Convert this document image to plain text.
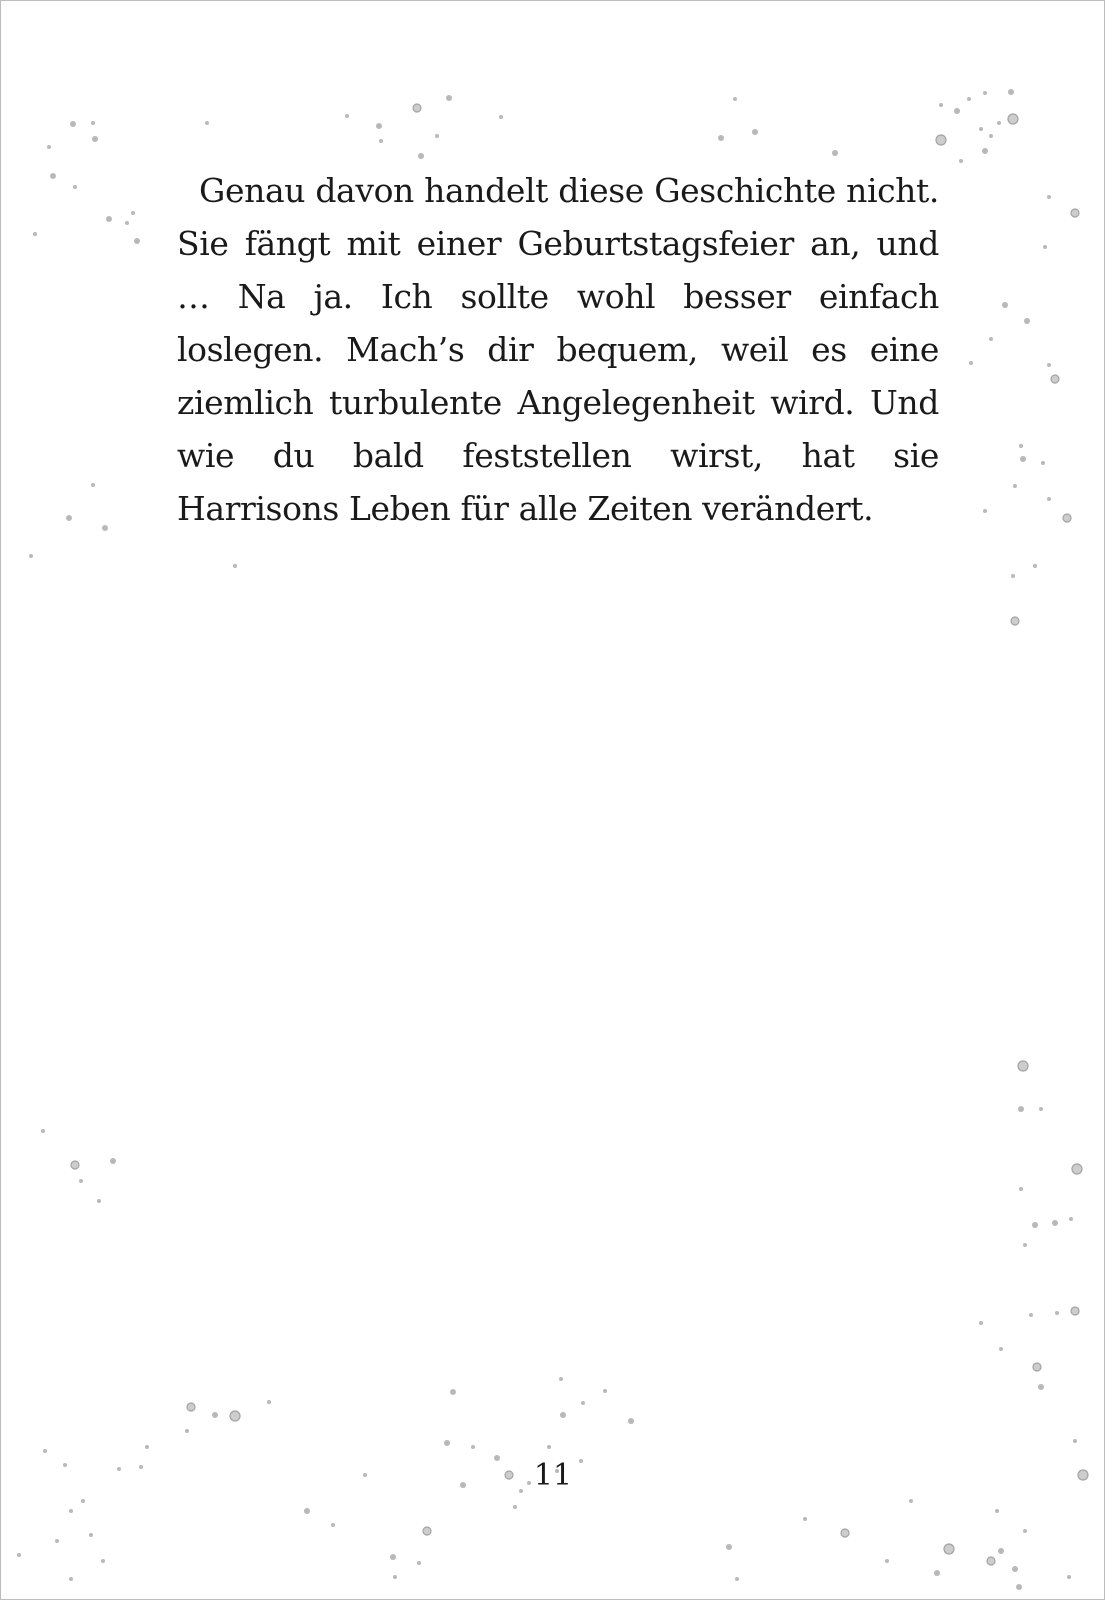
Genau davon handelt diese Geschichte nicht. Sie fängt mit einer Geburtstagsfeier an, und … Na ja. Ich sollte wohl besser einfach loslegen. Mach’s dir bequem, weil es eine ziemlich turbulente Angelegenheit wird. Und wie du bald feststellen wirst, hat sie Harrisons Leben für alle Zeiten verändert.

11
